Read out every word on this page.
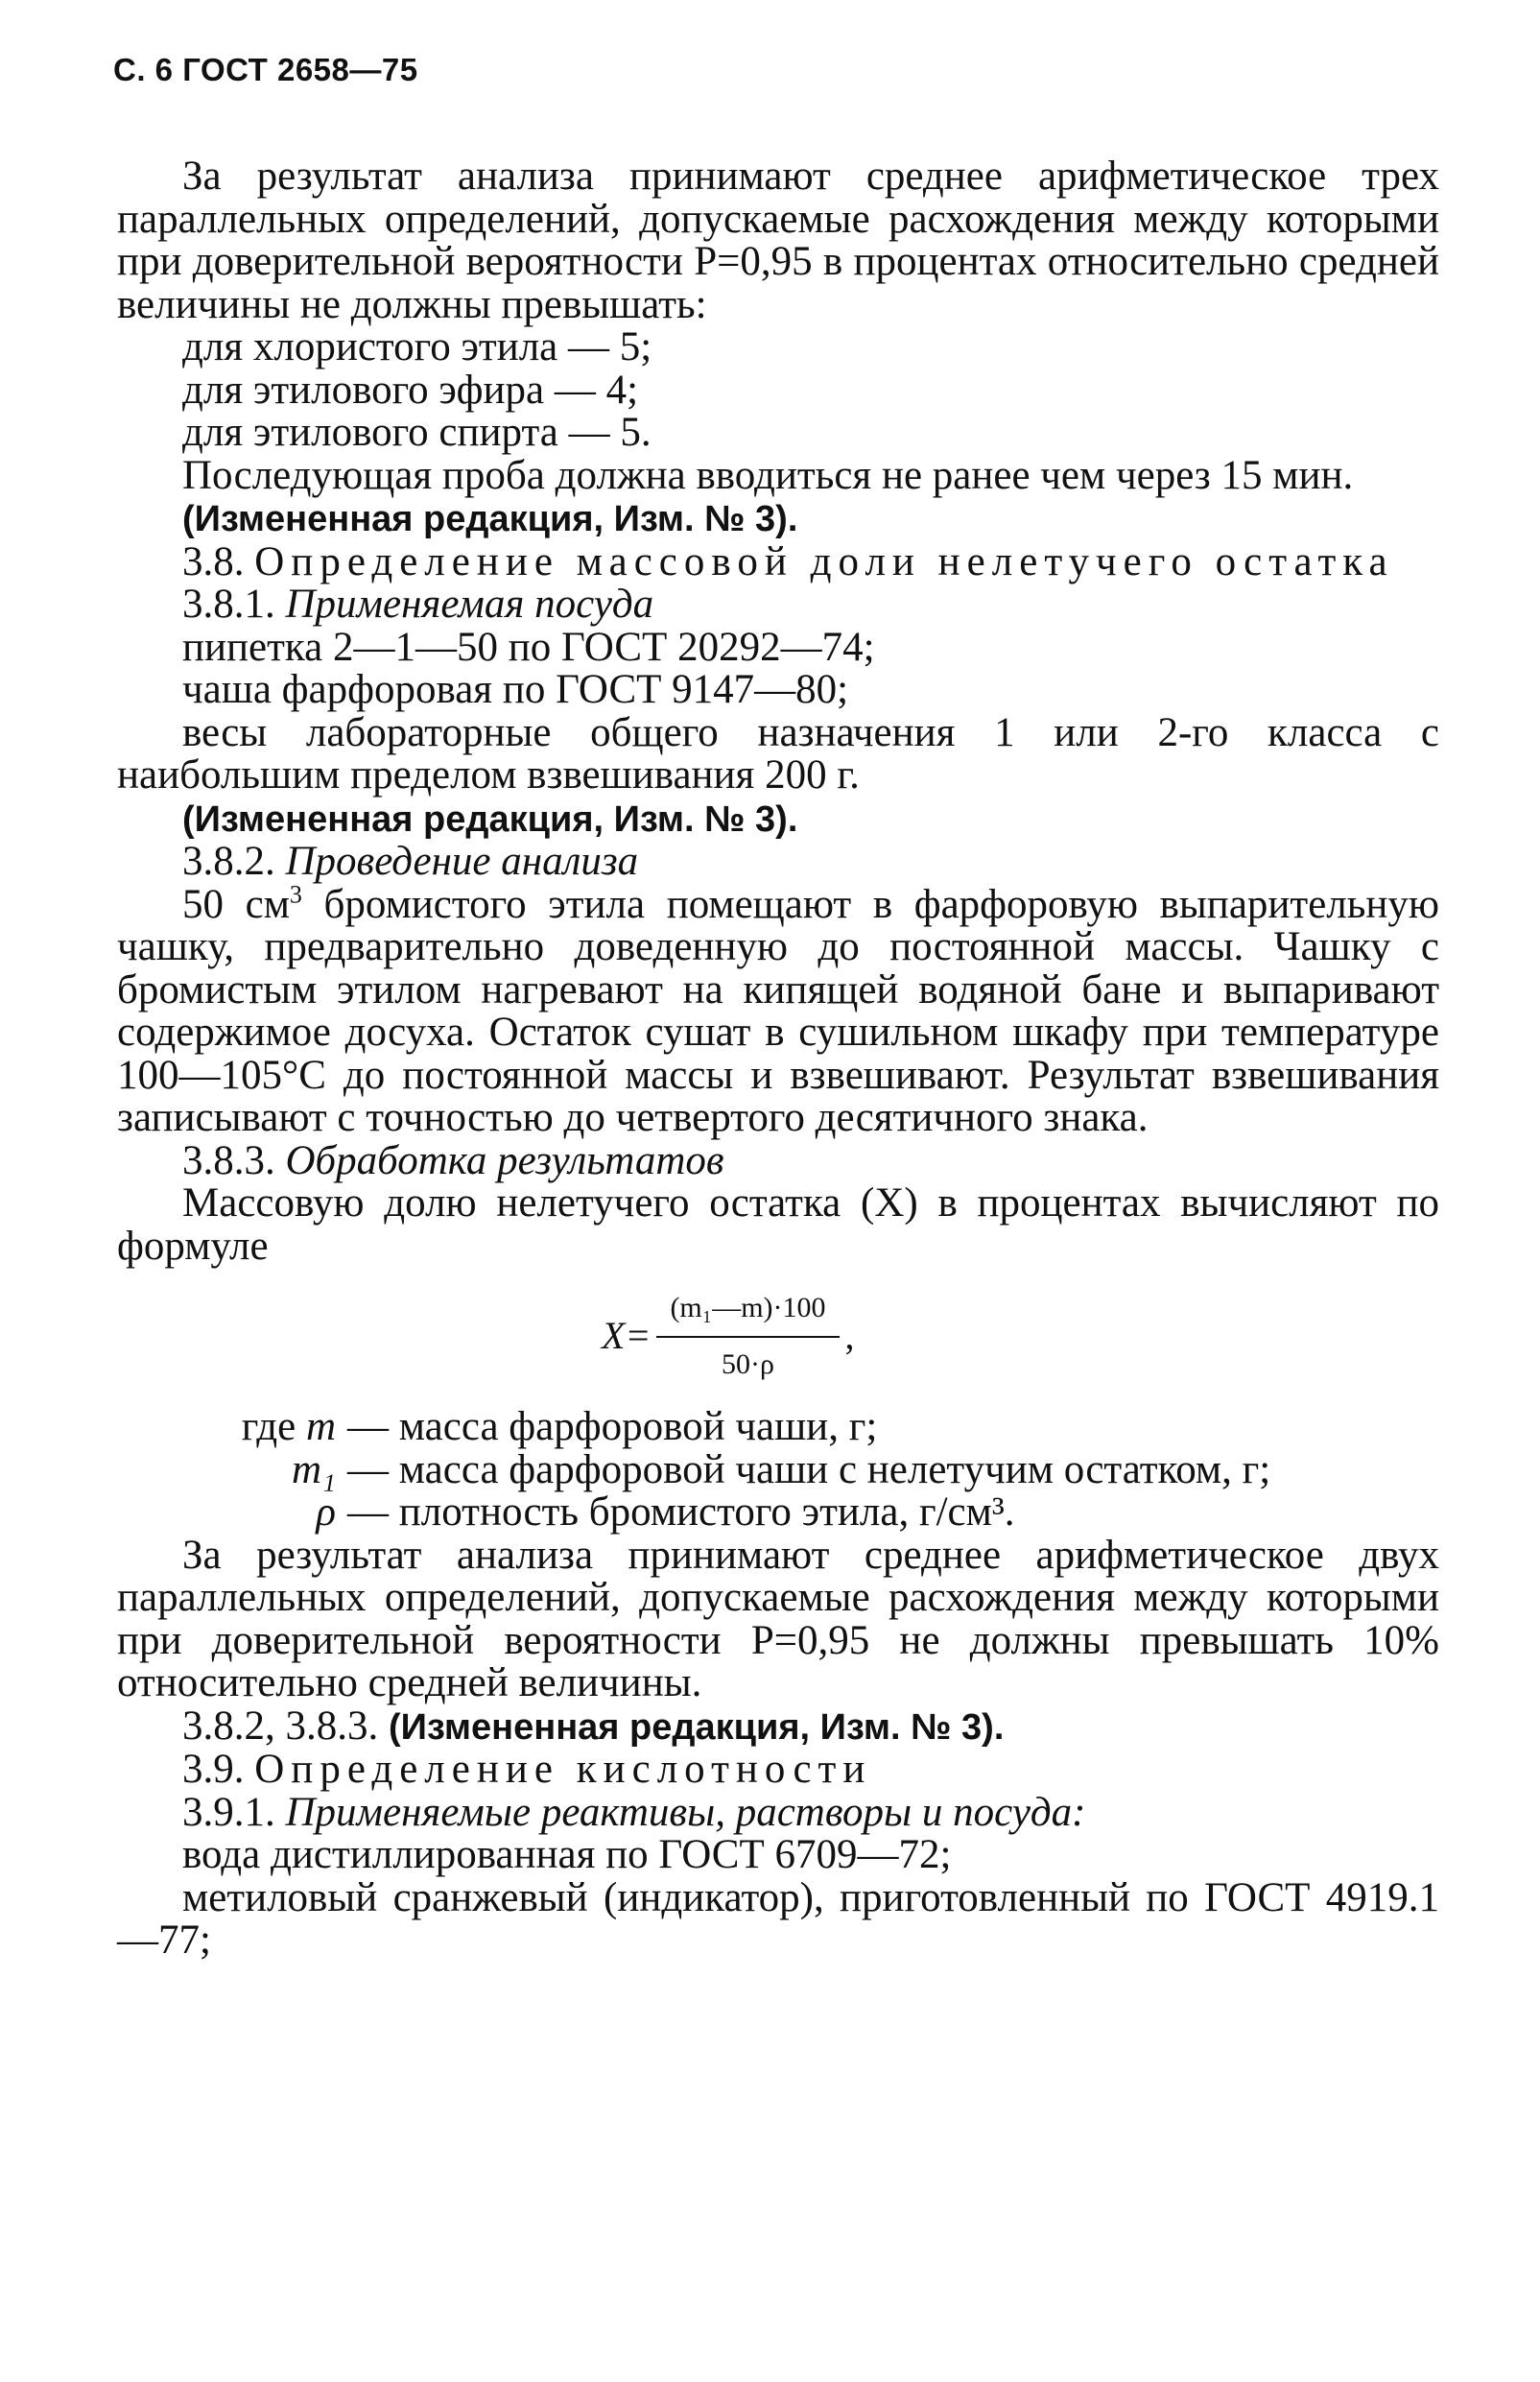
С. 6 ГОСТ 2658—75

За результат анализа принимают среднее арифметическое трех параллельных определений, допускаемые расхождения между которыми при доверительной вероятности P=0,95 в процентах относительно средней величины не должны превышать:

для хлористого этила — 5;

для этилового эфира — 4;

для этилового спирта — 5.

Последующая проба должна вводиться не ранее чем через 15 мин.

(Измененная редакция, Изм. № 3).

3.8. Определение массовой доли нелетучего остатка

3.8.1. Применяемая посуда

пипетка 2—1—50 по ГОСТ 20292—74;

чаша фарфоровая по ГОСТ 9147—80;

весы лабораторные общего назначения 1 или 2-го класса с наибольшим пределом взвешивания 200 г.

(Измененная редакция, Изм. № 3).

3.8.2. Проведение анализа

50 $см^3$ бромистого этила помещают в фарфоровую выпарительную чашку, предварительно доведенную до постоянной массы. Чашку с бромистым этилом нагревают на кипящей водяной бане и выпаривают содержимое досуха. Остаток сушат в сушильном шкафу при температуре 100—105°С до постоянной массы и взвешивают. Результат взвешивания записывают с точностью до четвертого десятичного знака.

3.8.3. Обработка результатов

Массовую долю нелетучего остатка (X) в процентах вычисляют по формуле

$X= \frac{\text{(m₁—m)·100}}{50\cdot\rho}$ ,
где m — масса фарфоровой чаши, г;
m₁ — масса фарфоровой чаши с нелетучим остатком, г;
ρ — плотность бромистого этила, г/см³.

За результат анализа принимают среднее арифметическое двух параллельных определений, допускаемые расхождения между которыми при доверительной вероятности P=0,95 не должны превышать 10% относительно средней величины.

3.8.2, 3.8.3. (Измененная редакция, Изм. № 3).

3.9. Определение кислотности

3.9.1. Применяемые реактивы, растворы и посуда:

вода дистиллированная по ГОСТ 6709—72;

метиловый сранжевый (индикатор), приготовленный по ГОСТ 4919.1—77;
